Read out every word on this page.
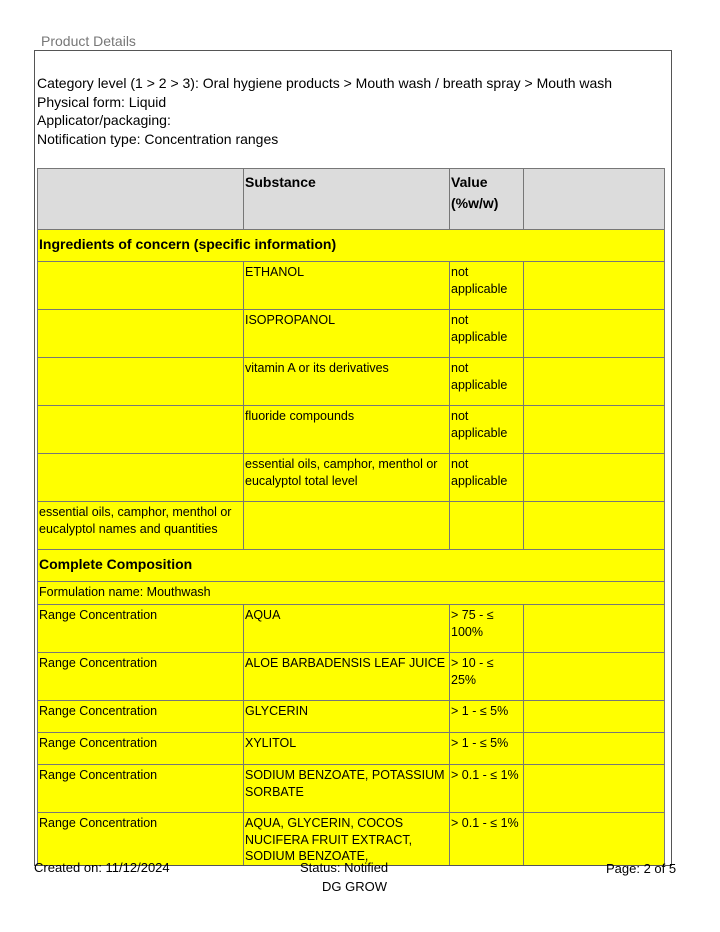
Product Details
Category level (1 > 2 > 3): Oral hygiene products > Mouth wash / breath spray > Mouth wash
Physical form: Liquid
Applicator/packaging:
Notification type: Concentration ranges
	Substance	Value
(%w/w)	
Ingredients of concern (specific information)			
	ETHANOL	not applicable	
	ISOPROPANOL	not applicable	
	vitamin A or its derivatives	not applicable	
	fluoride compounds	not applicable	
	essential oils, camphor, menthol or eucalyptol total level	not applicable	
essential oils, camphor, menthol or eucalyptol names and quantities			
Complete Composition			
Formulation name: Mouthwash			
Range Concentration	AQUA	> 75 - ≤ 100%	
Range Concentration	ALOE BARBADENSIS LEAF JUICE	> 10 - ≤ 25%	
Range Concentration	GLYCERIN	> 1 - ≤ 5%	
Range Concentration	XYLITOL	> 1 - ≤ 5%	
Range Concentration	SODIUM BENZOATE, POTASSIUM SORBATE	> 0.1 - ≤ 1%	
Range Concentration	AQUA, GLYCERIN, COCOS NUCIFERA FRUIT EXTRACT, SODIUM BENZOATE,	> 0.1 - ≤ 1%	
Created on: 11/12/2024	Status: Notified
DG GROW
Page: 2 of 5
